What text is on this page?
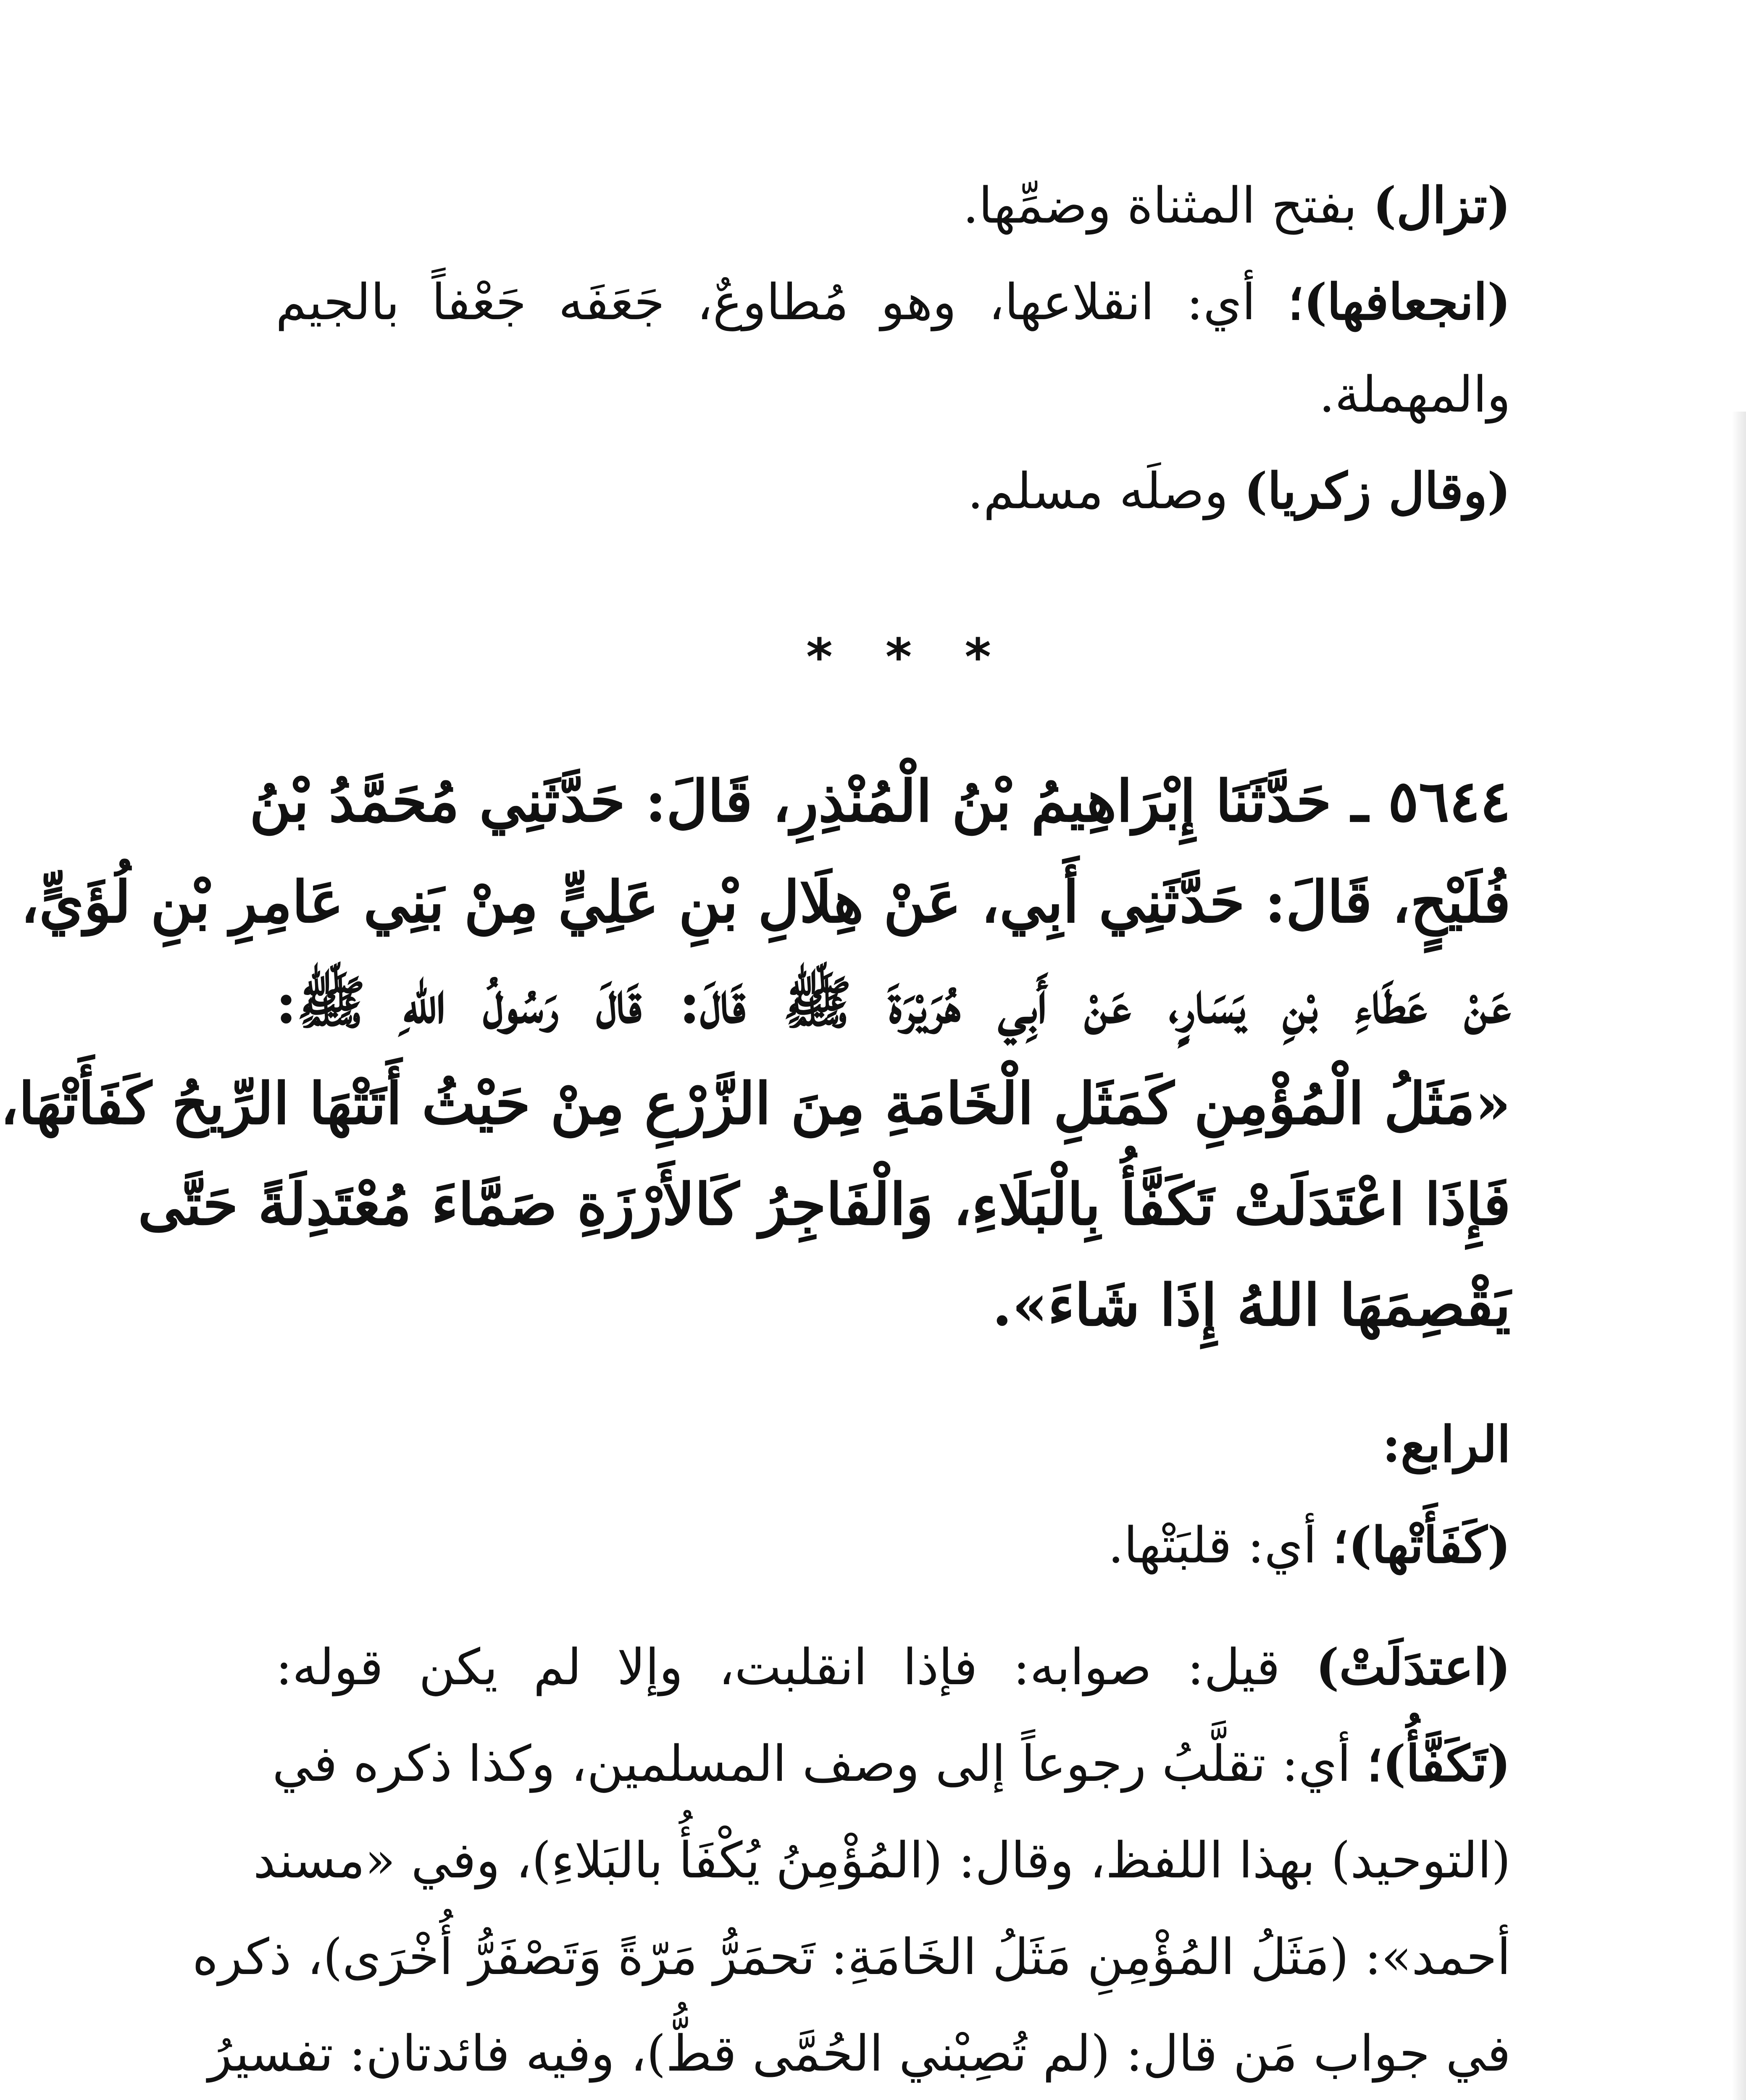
(تزال) بفتح المثناة وضمِّها.
(انجعافها)؛ أي: انقلاعها، وهو مُطاوعٌ، جَعَفَه جَعْفاً بالجيم
والمهملة.
(وقال زكريا) وصلَه مسلم.
* * *
٥٦٤٤ ـ حَدَّثَنَا إِبْرَاهِيمُ بْنُ الْمُنْذِرِ، قَالَ: حَدَّثَنِي مُحَمَّدُ بْنُ
فُلَيْحٍ، قَالَ: حَدَّثَنِي أَبِي، عَنْ هِلَالِ بْنِ عَلِيٍّ مِنْ بَنِي عَامِرِ بْنِ لُؤَيٍّ،
عَنْ عَطَاءِ بْنِ يَسَارٍ، عَنْ أَبِي هُرَيْرَةَ ﷺ قَالَ: قَالَ رَسُولُ اللهِ ﷺ:
«مَثَلُ الْمُؤْمِنِ كَمَثَلِ الْخَامَةِ مِنَ الزَّرْعِ مِنْ حَيْثُ أَتَتْهَا الرِّيحُ كَفَأَتْهَا،
فَإِذَا اعْتَدَلَتْ تَكَفَّأُ بِالْبَلَاءِ، وَالْفَاجِرُ كَالأَرْزَةِ صَمَّاءَ مُعْتَدِلَةً حَتَّى
يَقْصِمَهَا اللهُ إِذَا شَاءَ».
الرابع:
(كَفَأَتْها)؛ أي: قلبَتْها.
(اعتدَلَتْ) قيل: صوابه: فإذا انقلبت، وإلا لم يكن قوله:
(تَكَفَّأُ)؛ أي: تقلَّبُ رجوعاً إلى وصف المسلمين، وكذا ذكره في
(التوحيد) بهذا اللفظ، وقال: (المُؤْمِنُ يُكْفَأُ بالبَلاءِ)، وفي «مسند
أحمد»: (مَثَلُ المُؤْمِنِ مَثَلُ الخَامَةِ: تَحمَرُّ مَرّةً وَتَصْفَرُّ أُخْرَى)، ذكره
في جواب مَن قال: (لم تُصِبْني الحُمَّى قطُّ)، وفيه فائدتان: تفسيرُ
